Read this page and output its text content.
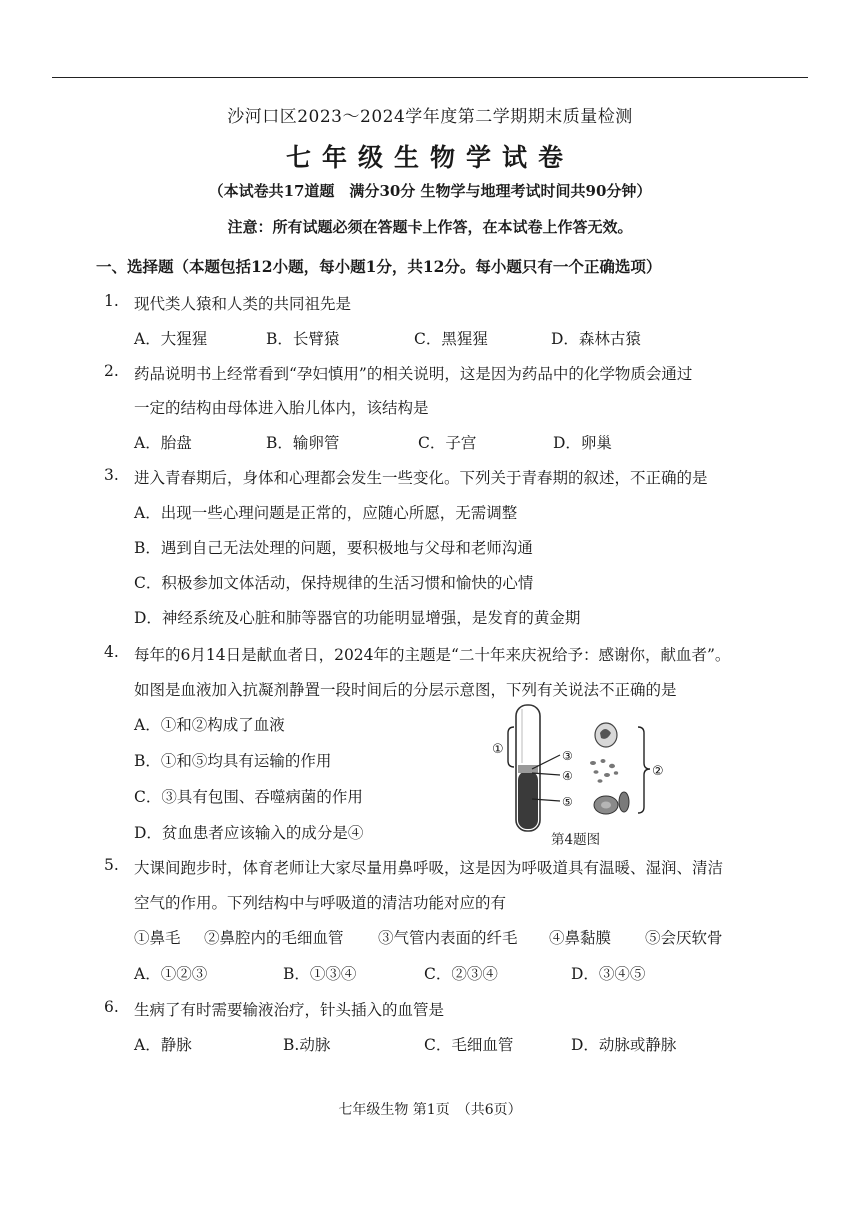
沙河口区2023～2024学年度第二学期期末质量检测
七年级生物学试卷
（本试卷共17道题　满分30分 生物学与地理考试时间共90分钟）
注意：所有试题必须在答题卡上作答，在本试卷上作答无效。
一、选择题（本题包括12小题，每小题1分，共12分。每小题只有一个正确选项）
1. 现代类人猿和人类的共同祖先是
A．大猩猩	B．长臂猿	C．黑猩猩	D．森林古猿
2. 药品说明书上经常看到“孕妇慎用”的相关说明，这是因为药品中的化学物质会通过
一定的结构由母体进入胎儿体内，该结构是
A．胎盘	B．输卵管	C．子宫	D．卵巢
3. 进入青春期后，身体和心理都会发生一些变化。下列关于青春期的叙述，不正确的是
A．出现一些心理问题是正常的，应随心所愿，无需调整
B．遇到自己无法处理的问题，要积极地与父母和老师沟通
C．积极参加文体活动，保持规律的生活习惯和愉快的心情
D．神经系统及心脏和肺等器官的功能明显增强，是发育的黄金期
4. 每年的6月14日是献血者日，2024年的主题是“二十年来庆祝给予：感谢你，献血者”。
如图是血液加入抗凝剂静置一段时间后的分层示意图，下列有关说法不正确的是
A．①和②构成了血液
B．①和⑤均具有运输的作用
C．③具有包围、吞噬病菌的作用
D．贫血患者应该输入的成分是④
①	③
④
⑤
②
第4题图
5. 大课间跑步时，体育老师让大家尽量用鼻呼吸，这是因为呼吸道具有温暖、湿润、清洁
空气的作用。下列结构中与呼吸道的清洁功能对应的有
①鼻毛 ②鼻腔内的毛细血管 ③气管内表面的纤毛 ④鼻黏膜 ⑤会厌软骨
A．①②③	B．①③④	C．②③④	D．③④⑤
6. 生病了有时需要输液治疗，针头插入的血管是
A．静脉	B.动脉	C．毛细血管	D．动脉或静脉
七年级生物 第1页　（共6页）
